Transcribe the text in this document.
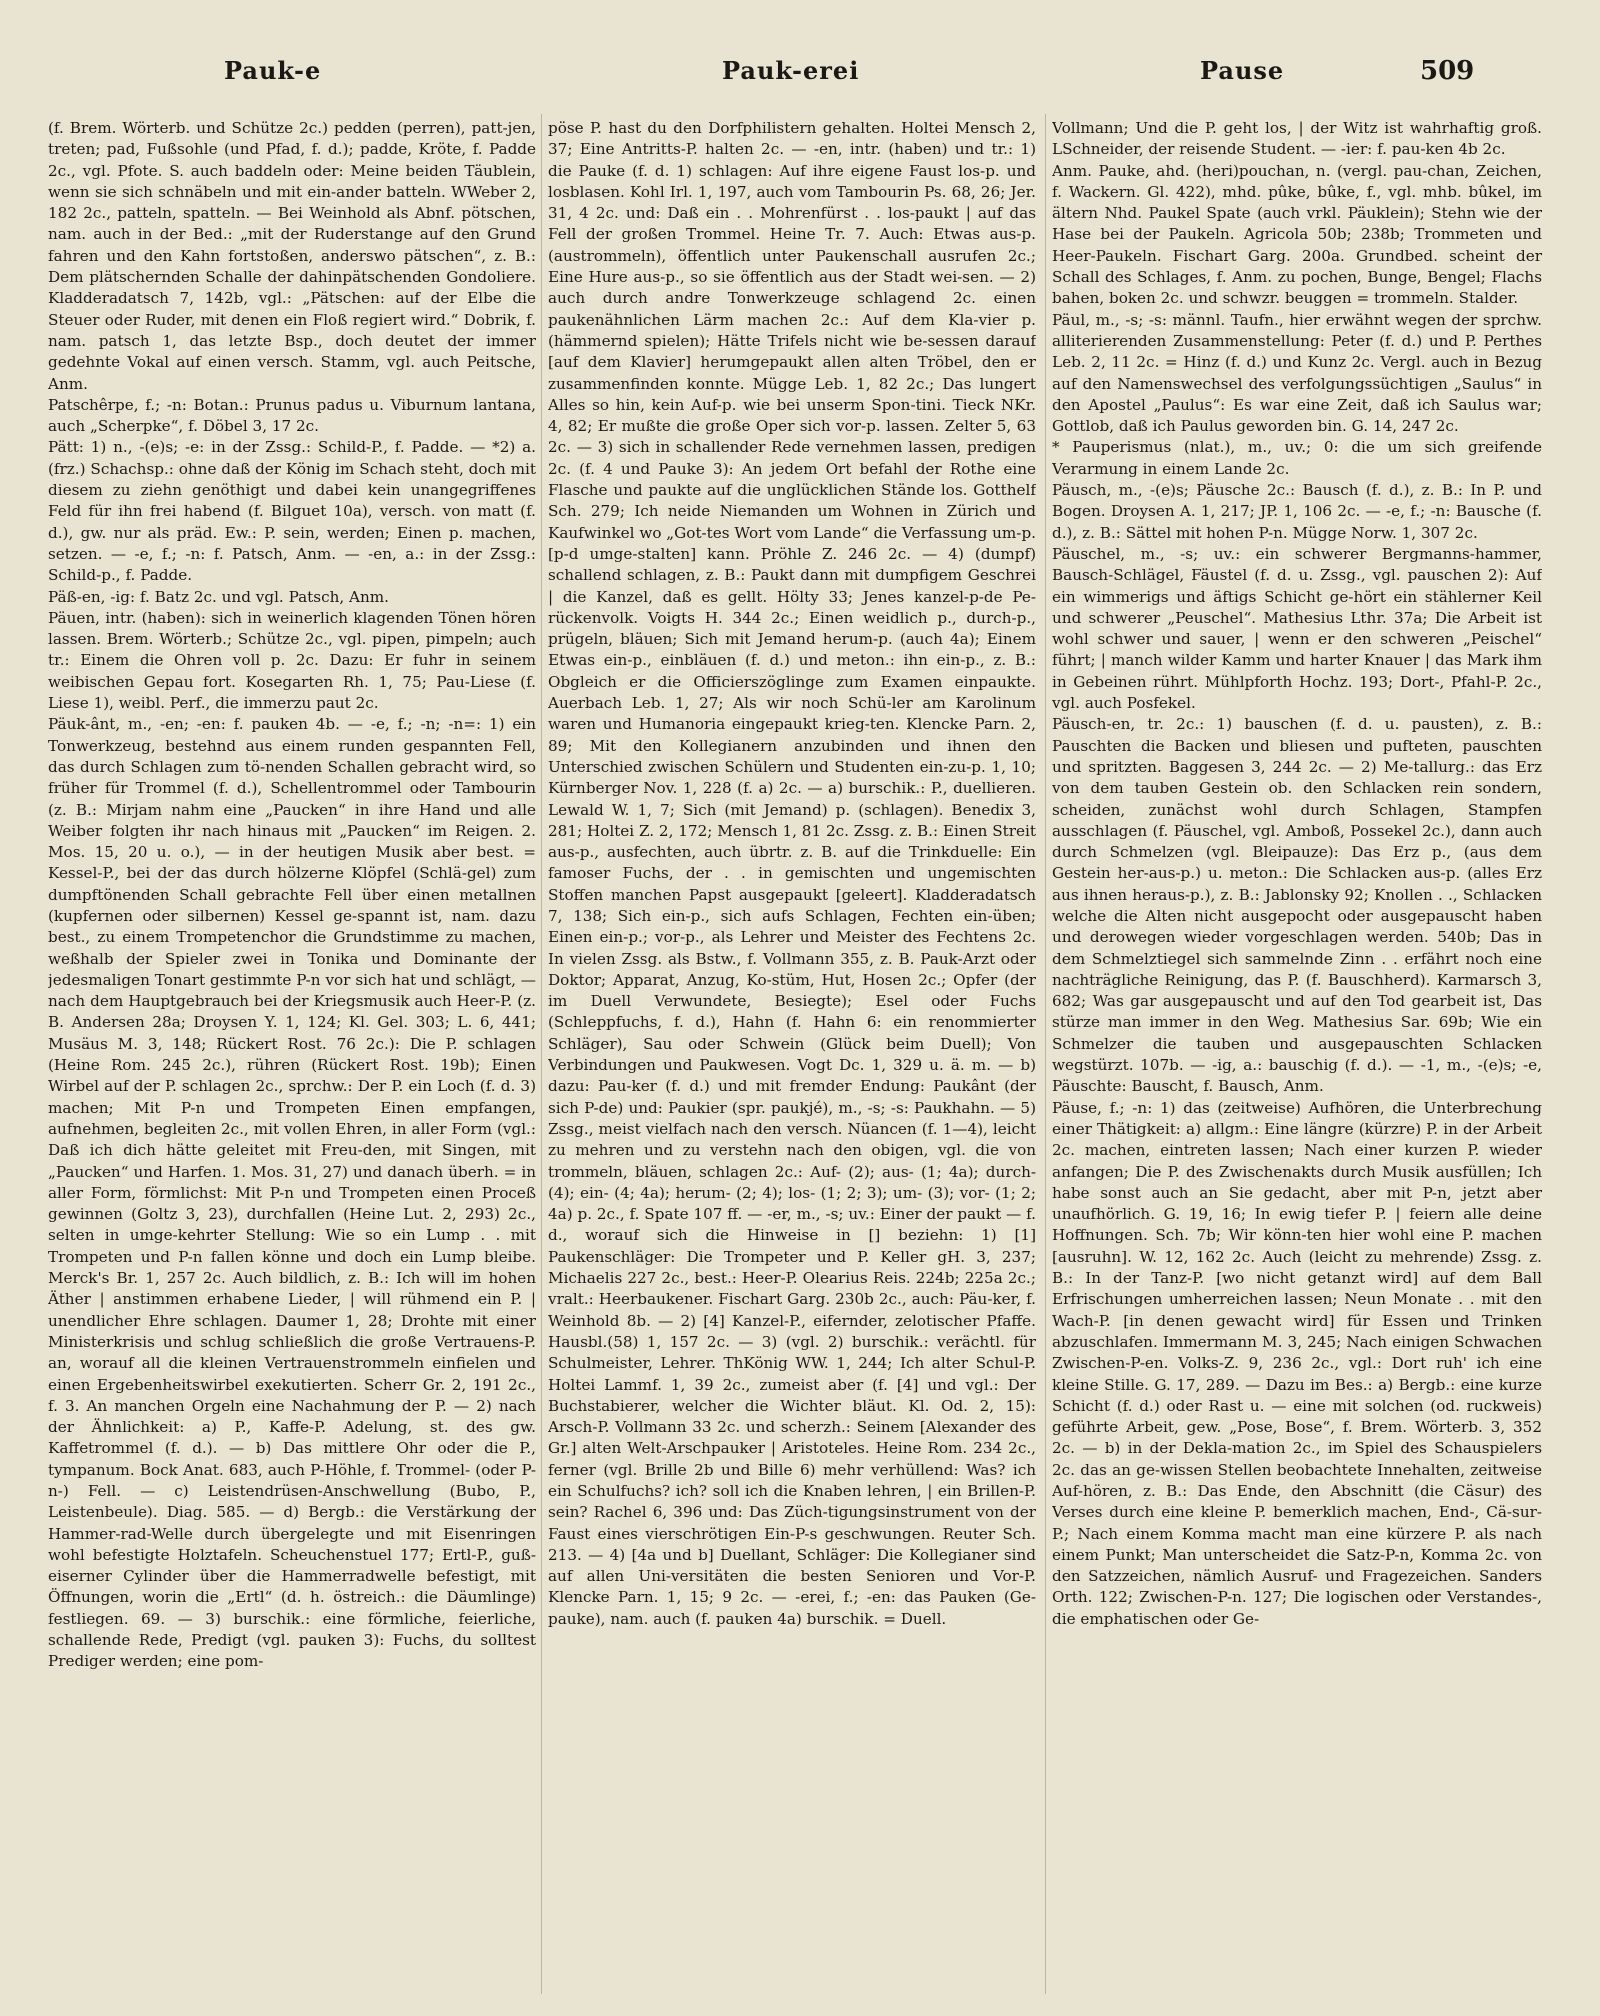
Pauk-e	Pauk-erei	Pause	509

(f. Brem. Wörterb. und Schütze 2c.) pedden (perren), patt-jen, treten; pad, Fußsohle (und Pfad, f. d.); padde, Kröte, f. Padde 2c., vgl. Pfote. S. auch baddeln oder: Meine beiden Täublein, wenn sie sich schnäbeln und mit ein-ander batteln. WWeber 2, 182 2c., patteln, spatteln. — Bei Weinhold als Abnf. pötschen, nam. auch in der Bed.: „mit der Ruderstange auf den Grund fahren und den Kahn fortstoßen, anderswo pätschen“, z. B.: Dem plätschernden Schalle der dahinpätschenden Gondoliere. Kladderadatsch 7, 142b, vgl.: „Pätschen: auf der Elbe die Steuer oder Ruder, mit denen ein Floß regiert wird.“ Dobrik, f. nam. patsch 1, das letzte Bsp., doch deutet der immer gedehnte Vokal auf einen versch. Stamm, vgl. auch Peitsche, Anm.

Patschêrpe, f.; -n: Botan.: Prunus padus u. Viburnum lantana, auch „Scherpke“, f. Döbel 3, 17 2c.

Pätt: 1) n., -(e)s; -e: in der Zssg.: Schild-P., f. Padde. — *2) a. (frz.) Schachsp.: ohne daß der König im Schach steht, doch mit diesem zu ziehn genöthigt und dabei kein unangegriffenes Feld für ihn frei habend (f. Bilguet 10a), versch. von matt (f. d.), gw. nur als präd. Ew.: P. sein, werden; Einen p. machen, setzen. — -e, f.; -n: f. Patsch, Anm. — -en, a.: in der Zssg.: Schild-p., f. Padde.

Päß-en, -ig: f. Batz 2c. und vgl. Patsch, Anm.

Päuen, intr. (haben): sich in weinerlich klagenden Tönen hören lassen. Brem. Wörterb.; Schütze 2c., vgl. pipen, pimpeln; auch tr.: Einem die Ohren voll p. 2c. Dazu: Er fuhr in seinem weibischen Gepau fort. Kosegarten Rh. 1, 75; Pau-Liese (f. Liese 1), weibl. Perf., die immerzu paut 2c.

Päuk-ânt, m., -en; -en: f. pauken 4b. — -e, f.; -n; -n=: 1) ein Tonwerkzeug, bestehnd aus einem runden gespannten Fell, das durch Schlagen zum tö-nenden Schallen gebracht wird, so früher für Trommel (f. d.), Schellentrommel oder Tambourin (z. B.: Mirjam nahm eine „Paucken“ in ihre Hand und alle Weiber folgten ihr nach hinaus mit „Paucken“ im Reigen. 2. Mos. 15, 20 u. o.), — in der heutigen Musik aber best. = Kessel-P., bei der das durch hölzerne Klöpfel (Schlä-gel) zum dumpftönenden Schall gebrachte Fell über einen metallnen (kupfernen oder silbernen) Kessel ge-spannt ist, nam. dazu best., zu einem Trompetenchor die Grundstimme zu machen, weßhalb der Spieler zwei in Tonika und Dominante der jedesmaligen Tonart gestimmte P-n vor sich hat und schlägt, — nach dem Hauptgebrauch bei der Kriegsmusik auch Heer-P. (z. B. Andersen 28a; Droysen Y. 1, 124; Kl. Gel. 303; L. 6, 441; Musäus M. 3, 148; Rückert Rost. 76 2c.): Die P. schlagen (Heine Rom. 245 2c.), rühren (Rückert Rost. 19b); Einen Wirbel auf der P. schlagen 2c., sprchw.: Der P. ein Loch (f. d. 3) machen; Mit P-n und Trompeten Einen empfangen, aufnehmen, begleiten 2c., mit vollen Ehren, in aller Form (vgl.: Daß ich dich hätte geleitet mit Freu-den, mit Singen, mit „Paucken“ und Harfen. 1. Mos. 31, 27) und danach überh. = in aller Form, förmlichst: Mit P-n und Trompeten einen Proceß gewinnen (Goltz 3, 23), durchfallen (Heine Lut. 2, 293) 2c., selten in umge-kehrter Stellung: Wie so ein Lump . . mit Trompeten und P-n fallen könne und doch ein Lump bleibe. Merck's Br. 1, 257 2c. Auch bildlich, z. B.: Ich will im hohen Äther | anstimmen erhabene Lieder, | will rühmend ein P. | unendlicher Ehre schlagen. Daumer 1, 28; Drohte mit einer Ministerkrisis und schlug schließlich die große Vertrauens-P. an, worauf all die kleinen Vertrauenstrommeln einfielen und einen Ergebenheitswirbel exekutierten. Scherr Gr. 2, 191 2c., f. 3. An manchen Orgeln eine Nachahmung der P. — 2) nach der Ähnlichkeit: a) P., Kaffe-P. Adelung, st. des gw. Kaffetrommel (f. d.). — b) Das mittlere Ohr oder die P., tympanum. Bock Anat. 683, auch P-Höhle, f. Trommel- (oder P-n-) Fell. — c) Leistendrüsen-Anschwellung (Bubo, P., Leistenbeule). Diag. 585. — d) Bergb.: die Verstärkung der Hammer-rad-Welle durch übergelegte und mit Eisenringen wohl befestigte Holztafeln. Scheuchenstuel 177; Ertl-P., guß-eiserner Cylinder über die Hammerradwelle befestigt, mit Öffnungen, worin die „Ertl“ (d. h. östreich.: die Däumlinge) festliegen. 69. — 3) burschik.: eine förmliche, feierliche, schallende Rede, Predigt (vgl. pauken 3): Fuchs, du solltest Prediger werden; eine pom-

pöse P. hast du den Dorfphilistern gehalten. Holtei Mensch 2, 37; Eine Antritts-P. halten 2c. — -en, intr. (haben) und tr.: 1) die Pauke (f. d. 1) schlagen: Auf ihre eigene Faust los-p. und losblasen. Kohl Irl. 1, 197, auch vom Tambourin Ps. 68, 26; Jer. 31, 4 2c. und: Daß ein . . Mohrenfürst . . los-paukt | auf das Fell der großen Trommel. Heine Tr. 7. Auch: Etwas aus-p. (austrommeln), öffentlich unter Paukenschall ausrufen 2c.; Eine Hure aus-p., so sie öffentlich aus der Stadt wei-sen. — 2) auch durch andre Tonwerkzeuge schlagend 2c. einen paukenähnlichen Lärm machen 2c.: Auf dem Kla-vier p. (hämmernd spielen); Hätte Trifels nicht wie be-sessen darauf [auf dem Klavier] herumgepaukt allen alten Tröbel, den er zusammenfinden konnte. Mügge Leb. 1, 82 2c.; Das lungert Alles so hin, kein Auf-p. wie bei unserm Spon-tini. Tieck NKr. 4, 82; Er mußte die große Oper sich vor-p. lassen. Zelter 5, 63 2c. — 3) sich in schallender Rede vernehmen lassen, predigen 2c. (f. 4 und Pauke 3): An jedem Ort befahl der Rothe eine Flasche und paukte auf die unglücklichen Stände los. Gotthelf Sch. 279; Ich neide Niemanden um Wohnen in Zürich und Kaufwinkel wo „Got-tes Wort vom Lande“ die Verfassung um-p. [p-d umge-stalten] kann. Pröhle Z. 246 2c. — 4) (dumpf) schallend schlagen, z. B.: Paukt dann mit dumpfigem Geschrei | die Kanzel, daß es gellt. Hölty 33; Jenes kanzel-p-de Pe-rückenvolk. Voigts H. 344 2c.; Einen weidlich p., durch-p., prügeln, bläuen; Sich mit Jemand herum-p. (auch 4a); Einem Etwas ein-p., einbläuen (f. d.) und meton.: ihn ein-p., z. B.: Obgleich er die Officierszöglinge zum Examen einpaukte. Auerbach Leb. 1, 27; Als wir noch Schü-ler am Karolinum waren und Humanoria eingepaukt krieg-ten. Klencke Parn. 2, 89; Mit den Kollegianern anzubinden und ihnen den Unterschied zwischen Schülern und Studenten ein-zu-p. 1, 10; Kürnberger Nov. 1, 228 (f. a) 2c. — a) burschik.: P., duellieren. Lewald W. 1, 7; Sich (mit Jemand) p. (schlagen). Benedix 3, 281; Holtei Z. 2, 172; Mensch 1, 81 2c. Zssg. z. B.: Einen Streit aus-p., ausfechten, auch übrtr. z. B. auf die Trinkduelle: Ein famoser Fuchs, der . . in gemischten und ungemischten Stoffen manchen Papst ausgepaukt [geleert]. Kladderadatsch 7, 138; Sich ein-p., sich aufs Schlagen, Fechten ein-üben; Einen ein-p.; vor-p., als Lehrer und Meister des Fechtens 2c. In vielen Zssg. als Bstw., f. Vollmann 355, z. B. Pauk-Arzt oder Doktor; Apparat, Anzug, Ko-stüm, Hut, Hosen 2c.; Opfer (der im Duell Verwundete, Besiegte); Esel oder Fuchs (Schleppfuchs, f. d.), Hahn (f. Hahn 6: ein renommierter Schläger), Sau oder Schwein (Glück beim Duell); Von Verbindungen und Paukwesen. Vogt Dc. 1, 329 u. ä. m. — b) dazu: Pau-ker (f. d.) und mit fremder Endung: Paukânt (der sich P-de) und: Paukier (spr. paukjé), m., -s; -s: Paukhahn. — 5) Zssg., meist vielfach nach den versch. Nüancen (f. 1—4), leicht zu mehren und zu verstehn nach den obigen, vgl. die von trommeln, bläuen, schlagen 2c.: Auf- (2); aus- (1; 4a); durch- (4); ein- (4; 4a); herum- (2; 4); los- (1; 2; 3); um- (3); vor- (1; 2; 4a) p. 2c., f. Spate 107 ff. — -er, m., -s; uv.: Einer der paukt — f. d., worauf sich die Hinweise in [] beziehn: 1) [1] Paukenschläger: Die Trompeter und P. Keller gH. 3, 237; Michaelis 227 2c., best.: Heer-P. Olearius Reis. 224b; 225a 2c.; vralt.: Heerbaukener. Fischart Garg. 230b 2c., auch: Päu-ker, f. Weinhold 8b. — 2) [4] Kanzel-P., eifernder, zelotischer Pfaffe. Hausbl.(58) 1, 157 2c. — 3) (vgl. 2) burschik.: verächtl. für Schulmeister, Lehrer. ThKönig WW. 1, 244; Ich alter Schul-P. Holtei Lammf. 1, 39 2c., zumeist aber (f. [4] und vgl.: Der Buchstabierer, welcher die Wichter bläut. Kl. Od. 2, 15): Arsch-P. Vollmann 33 2c. und scherzh.: Seinem [Alexander des Gr.] alten Welt-Arschpauker | Aristoteles. Heine Rom. 234 2c., ferner (vgl. Brille 2b und Bille 6) mehr verhüllend: Was? ich ein Schulfuchs? ich? soll ich die Knaben lehren, | ein Brillen-P. sein? Rachel 6, 396 und: Das Züch-tigungsinstrument von der Faust eines vierschrötigen Ein-P-s geschwungen. Reuter Sch. 213. — 4) [4a und b] Duellant, Schläger: Die Kollegianer sind auf allen Uni-versitäten die besten Senioren und Vor-P. Klencke Parn. 1, 15; 9 2c. — -erei, f.; -en: das Pauken (Ge-pauke), nam. auch (f. pauken 4a) burschik. = Duell.

Vollmann; Und die P. geht los, | der Witz ist wahrhaftig groß. LSchneider, der reisende Student. — -ier: f. pau-ken 4b 2c.

Anm. Pauke, ahd. (heri)pouchan, n. (vergl. pau-chan, Zeichen, f. Wackern. Gl. 422), mhd. pûke, bûke, f., vgl. mhb. bûkel, im ältern Nhd. Paukel Spate (auch vrkl. Päuklein); Stehn wie der Hase bei der Paukeln. Agricola 50b; 238b; Trommeten und Heer-Paukeln. Fischart Garg. 200a. Grundbed. scheint der Schall des Schlages, f. Anm. zu pochen, Bunge, Bengel; Flachs bahen, boken 2c. und schwzr. beuggen = trommeln. Stalder.

Päul, m., -s; -s: männl. Taufn., hier erwähnt wegen der sprchw. alliterierenden Zusammenstellung: Peter (f. d.) und P. Perthes Leb. 2, 11 2c. = Hinz (f. d.) und Kunz 2c. Vergl. auch in Bezug auf den Namenswechsel des verfolgungssüchtigen „Saulus“ in den Apostel „Paulus“: Es war eine Zeit, daß ich Saulus war; Gottlob, daß ich Paulus geworden bin. G. 14, 247 2c.

* Pauperismus (nlat.), m., uv.; 0: die um sich greifende Verarmung in einem Lande 2c.

Päusch, m., -(e)s; Päusche 2c.: Bausch (f. d.), z. B.: In P. und Bogen. Droysen A. 1, 217; JP. 1, 106 2c. — -e, f.; -n: Bausche (f. d.), z. B.: Sättel mit hohen P-n. Mügge Norw. 1, 307 2c.

Päuschel, m., -s; uv.: ein schwerer Bergmanns-hammer, Bausch-Schlägel, Fäustel (f. d. u. Zssg., vgl. pauschen 2): Auf ein wimmerigs und äftigs Schicht ge-hört ein stählerner Keil und schwerer „Peuschel“. Mathesius Lthr. 37a; Die Arbeit ist wohl schwer und sauer, | wenn er den schweren „Peischel“ führt; | manch wilder Kamm und harter Knauer | das Mark ihm in Gebeinen rührt. Mühlpforth Hochz. 193; Dort-, Pfahl-P. 2c., vgl. auch Posfekel.

Päusch-en, tr. 2c.: 1) bauschen (f. d. u. pausten), z. B.: Pauschten die Backen und bliesen und pufteten, pauschten und spritzten. Baggesen 3, 244 2c. — 2) Me-tallurg.: das Erz von dem tauben Gestein ob. den Schlacken rein sondern, scheiden, zunächst wohl durch Schlagen, Stampfen ausschlagen (f. Päuschel, vgl. Amboß, Possekel 2c.), dann auch durch Schmelzen (vgl. Bleipauze): Das Erz p., (aus dem Gestein her-aus-p.) u. meton.: Die Schlacken aus-p. (alles Erz aus ihnen heraus-p.), z. B.: Jablonsky 92; Knollen . ., Schlacken welche die Alten nicht ausgepocht oder ausgepauscht haben und derowegen wieder vorgeschlagen werden. 540b; Das in dem Schmelztiegel sich sammelnde Zinn . . erfährt noch eine nachträgliche Reinigung, das P. (f. Bauschherd). Karmarsch 3, 682; Was gar ausgepauscht und auf den Tod gearbeit ist, Das stürze man immer in den Weg. Mathesius Sar. 69b; Wie ein Schmelzer die tauben und ausgepauschten Schlacken wegstürzt. 107b. — -ig, a.: bauschig (f. d.). — -1, m., -(e)s; -e, Päuschte: Bauscht, f. Bausch, Anm.

Päuse, f.; -n: 1) das (zeitweise) Aufhören, die Unterbrechung einer Thätigkeit: a) allgm.: Eine längre (kürzre) P. in der Arbeit 2c. machen, eintreten lassen; Nach einer kurzen P. wieder anfangen; Die P. des Zwischenakts durch Musik ausfüllen; Ich habe sonst auch an Sie gedacht, aber mit P-n, jetzt aber unaufhörlich. G. 19, 16; In ewig tiefer P. | feiern alle deine Hoffnungen. Sch. 7b; Wir könn-ten hier wohl eine P. machen [ausruhn]. W. 12, 162 2c. Auch (leicht zu mehrende) Zssg. z. B.: In der Tanz-P. [wo nicht getanzt wird] auf dem Ball Erfrischungen umherreichen lassen; Neun Monate . . mit den Wach-P. [in denen gewacht wird] für Essen und Trinken abzuschlafen. Immermann M. 3, 245; Nach einigen Schwachen Zwischen-P-en. Volks-Z. 9, 236 2c., vgl.: Dort ruh' ich eine kleine Stille. G. 17, 289. — Dazu im Bes.: a) Bergb.: eine kurze Schicht (f. d.) oder Rast u. — eine mit solchen (od. ruckweis) geführte Arbeit, gew. „Pose, Bose“, f. Brem. Wörterb. 3, 352 2c. — b) in der Dekla-mation 2c., im Spiel des Schauspielers 2c. das an ge-wissen Stellen beobachtete Innehalten, zeitweise Auf-hören, z. B.: Das Ende, den Abschnitt (die Cäsur) des Verses durch eine kleine P. bemerklich machen, End-, Cä-sur-P.; Nach einem Komma macht man eine kürzere P. als nach einem Punkt; Man unterscheidet die Satz-P-n, Komma 2c. von den Satzzeichen, nämlich Ausruf- und Fragezeichen. Sanders Orth. 122; Zwischen-P-n. 127; Die logischen oder Verstandes-, die emphatischen oder Ge-
